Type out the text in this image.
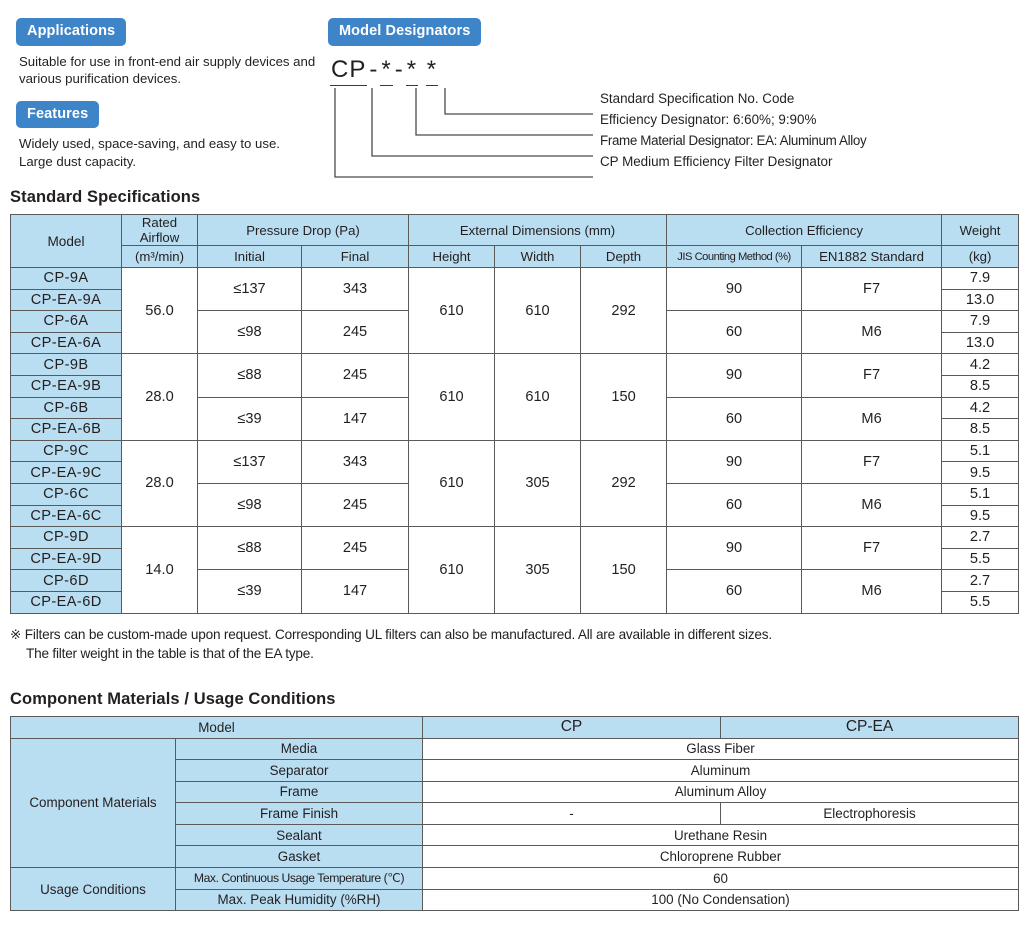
Applications

Suitable for use in front-end air supply devices and various purification devices.

Features

Widely used, space-saving, and easy to use. Large dust capacity.

Model Designators
CP - * - * *
Standard Specification No. Code
Efficiency Designator: 6:60%; 9:90%
Frame Material Designator: EA: Aluminum Alloy
CP Medium Efficiency Filter Designator
Standard Specifications
Model	Rated Airflow	Pressure Drop (Pa)		External Dimensions (mm)			Collection Efficiency		Weight
	(m³/min)	Initial	Final	Height	Width	Depth	JIS Counting Method (%)	EN1882 Standard	(kg)
CP-9A	56.0	≤137	343	610	610	292	90	F7	7.9
CP-EA-9A									13.0
CP-6A		≤98	245				60	M6	7.9
CP-EA-6A									13.0
CP-9B	28.0	≤88	245	610	610	150	90	F7	4.2
CP-EA-9B									8.5
CP-6B		≤39	147				60	M6	4.2
CP-EA-6B									8.5
CP-9C	28.0	≤137	343	610	305	292	90	F7	5.1
CP-EA-9C									9.5
CP-6C		≤98	245				60	M6	5.1
CP-EA-6C									9.5
CP-9D	14.0	≤88	245	610	305	150	90	F7	2.7
CP-EA-9D									5.5
CP-6D		≤39	147				60	M6	2.7
CP-EA-6D									5.5

※ Filters can be custom-made upon request. Corresponding UL filters can also be manufactured. All are available in different sizes.
The filter weight in the table is that of the EA type.

Component Materials / Usage Conditions
Model		CP	CP-EA
Component Materials	Media	Glass Fiber	
	Separator	Aluminum	
	Frame	Aluminum Alloy	
	Frame Finish	-	Electrophoresis
	Sealant	Urethane Resin	
	Gasket	Chloroprene Rubber	
Usage Conditions	Max. Continuous Usage Temperature (℃)	60	
	Max. Peak Humidity (%RH)	100 (No Condensation)	
